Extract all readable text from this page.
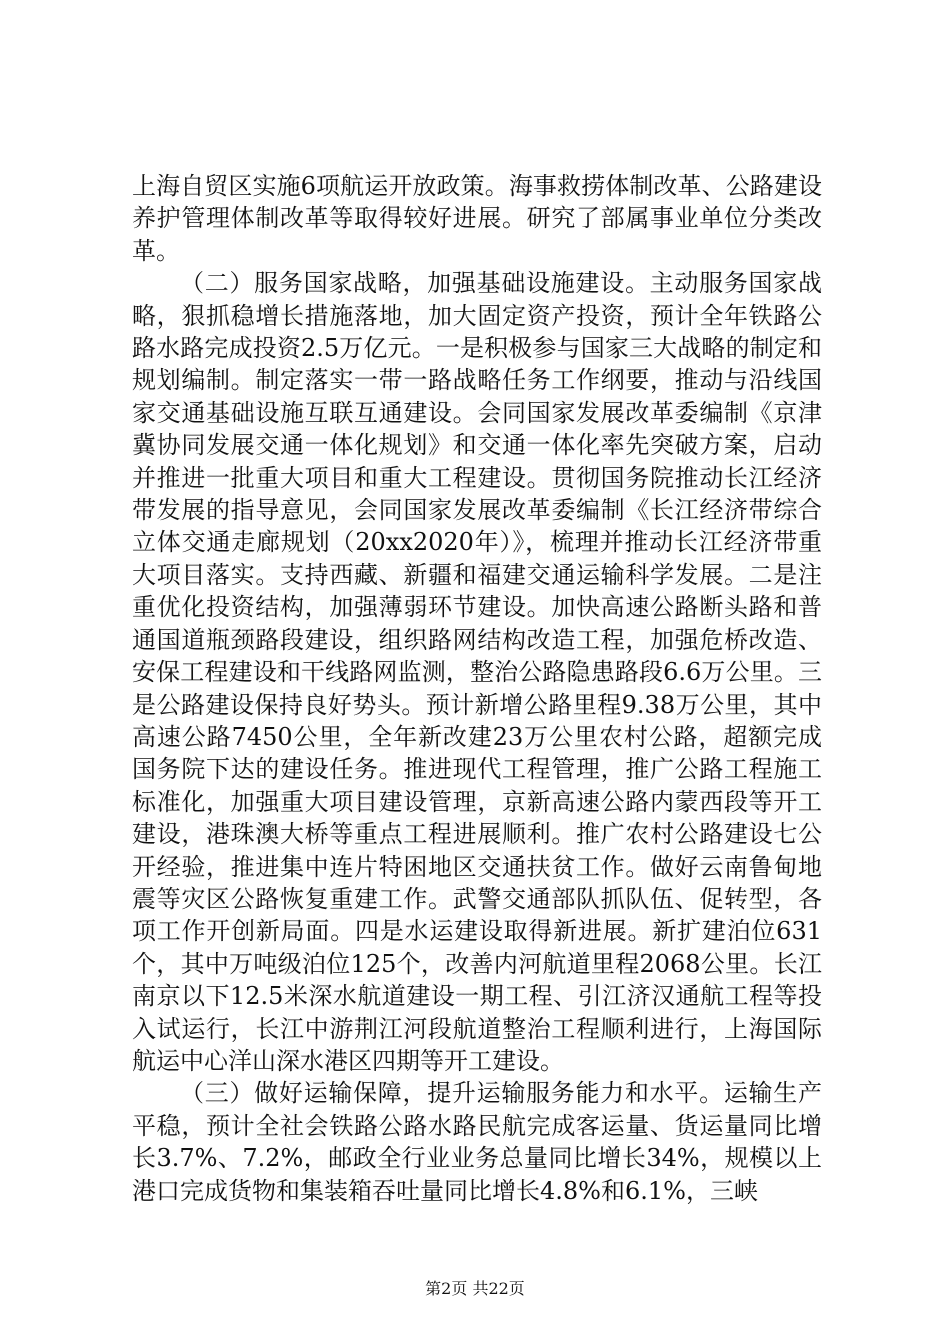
上海自贸区实施6项航运开放政策。海事救捞体制改革、公路建设养护管理体制改革等取得较好进展。研究了部属事业单位分类改革。

（二）服务国家战略，加强基础设施建设。主动服务国家战略，狠抓稳增长措施落地，加大固定资产投资，预计全年铁路公路水路完成投资2.5万亿元。一是积极参与国家三大战略的制定和规划编制。制定落实一带一路战略任务工作纲要，推动与沿线国家交通基础设施互联互通建设。会同国家发展改革委编制《京津冀协同发展交通一体化规划》和交通一体化率先突破方案，启动并推进一批重大项目和重大工程建设。贯彻国务院推动长江经济带发展的指导意见，会同国家发展改革委编制《长江经济带综合立体交通走廊规划（20xx2020年）》，梳理并推动长江经济带重大项目落实。支持西藏、新疆和福建交通运输科学发展。二是注重优化投资结构，加强薄弱环节建设。加快高速公路断头路和普通国道瓶颈路段建设，组织路网结构改造工程，加强危桥改造、安保工程建设和干线路网监测，整治公路隐患路段6.6万公里。三是公路建设保持良好势头。预计新增公路里程9.38万公里，其中高速公路7450公里，全年新改建23万公里农村公路，超额完成国务院下达的建设任务。推进现代工程管理，推广公路工程施工标准化，加强重大项目建设管理，京新高速公路内蒙西段等开工建设，港珠澳大桥等重点工程进展顺利。推广农村公路建设七公开经验，推进集中连片特困地区交通扶贫工作。做好云南鲁甸地震等灾区公路恢复重建工作。武警交通部队抓队伍、促转型，各项工作开创新局面。四是水运建设取得新进展。新扩建泊位631个，其中万吨级泊位125个，改善内河航道里程2068公里。长江南京以下12.5米深水航道建设一期工程、引江济汉通航工程等投入试运行，长江中游荆江河段航道整治工程顺利进行，上海国际航运中心洋山深水港区四期等开工建设。

（三）做好运输保障，提升运输服务能力和水平。运输生产平稳，预计全社会铁路公路水路民航完成客运量、货运量同比增长3.7%、7.2%，邮政全行业业务总量同比增长34%，规模以上港口完成货物和集装箱吞吐量同比增长4.8%和6.1%，三峡

第2页 共22页
